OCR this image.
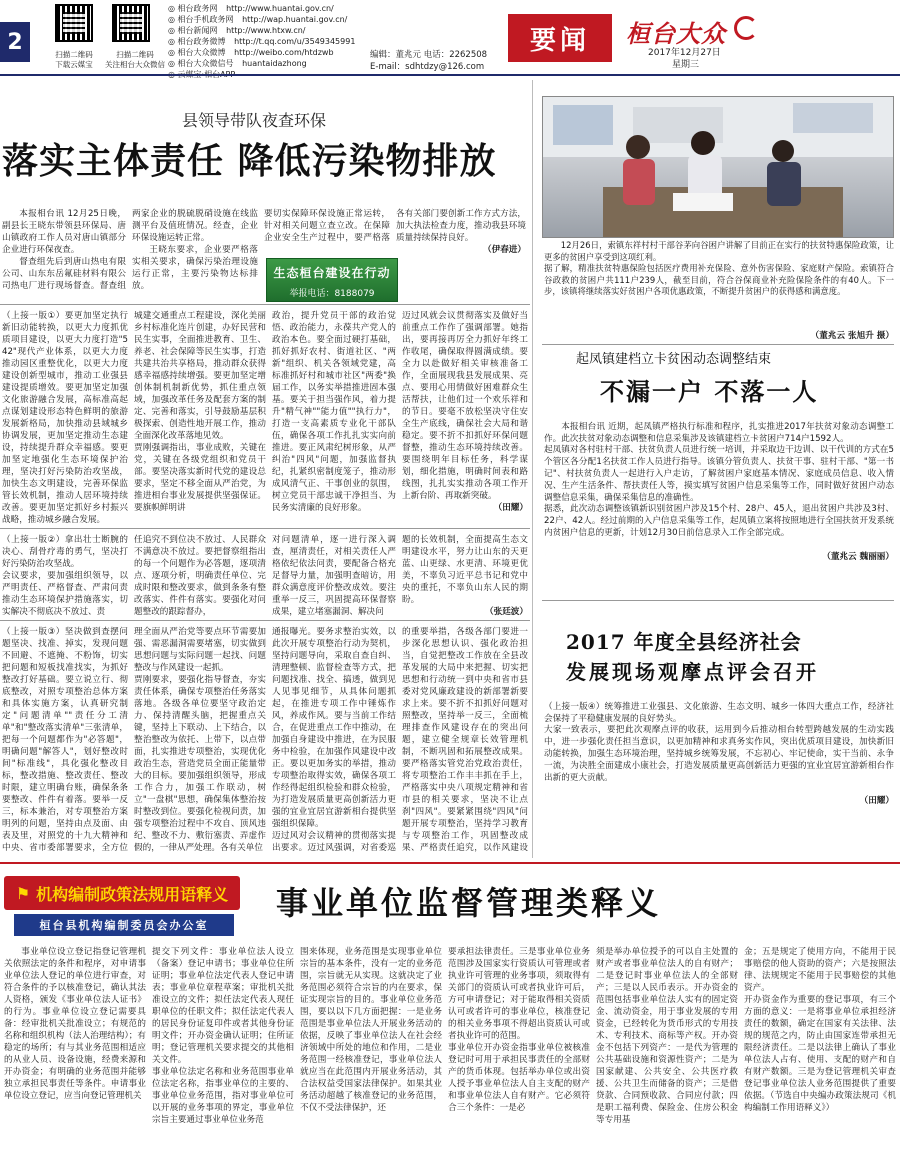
2	扫描二维码
下载云媒宝
扫描二维码
关注相台大众微信
◎ 相台政务网 http://www.huantai.gov.cn/
◎ 相台手机政务网 http://wap.huantai.gov.cn/
◎ 相台新闻网 http://www.htxw.cn/
◎ 相台政务微博 http://t.qq.com/u/3549345991
◎ 相台大众微博 http://weibo.com/htdzwb
◎ 相台大众微信号 huantaidazhong
编辑：董兆元 电话：2262508
E-mail：sdhtdzy@126.com
要闻	桓台大众
2017年12月27日
星期三
县领导带队夜查环保
落实主体责任 降低污染物排放

本报相台讯 12月25日晚，副县长王晓东带领县环保局、唐山镇政府工作人员对唐山镇部分企业进行环保夜查。

督查组先后到唐山热电有限公司、山东东岳氟硅材料有限公司热电厂进行现场督查。督查组

两家企业的脱硫脱硝设施在线监测平台及值班情况。经查，企业环保设施运转正常。

王晓东要求，企业要严格落实相关要求，确保污染治理设施运行正常，主要污染物达标排放。

要切实保障环保设施正常运转，针对相关问题立查立改。在保障企业安全生产过程中，要严格落

各有关部门要创新工作方式方法，加大执法检查力度，推动我县环境质量持续保持良好。

（伊春进）

生态桓台建设在行动
举报电话：8188079

（上接一版①）要更加坚定执行新旧动能转换，以更大力度抓优质项目建设，以更大力度打造"542"现代产业体系，以更大力度推动园区重整优化，以更大力度建设创新型城市，推动工业强县建设提质增效。要更加坚定加强文化旅游融合发展，高标准高起点谋划建设形态特色鲜明的旅游发展新格局，加快推动县域城乡协调发展，更加坚定推动生态建设，持续提升群众幸福感。要更加坚定地强化生态环境保护治理，坚决打好污染防治攻坚战，加快生态文明建设，完善环保监管长效机制，推动人居环境持续改善。要更加坚定抓好乡村振兴战略，推动城乡融合发展。

城建交通重点工程建设，深化美丽乡村标准化连片创建，办好民营和民生实事，全面推进教育、卫生、养老、社会保障等民生实事，打造共建共治共享格局，推动群众获得感幸福感持续增强。要更加坚定增创体制机制新优势，抓住重点领域，加强改革任务及配套方案的制定、完善和落实，引导鼓励基层积极探索、创造性地开展工作，推动全面深化改革落地见效。
贾刚强调指出，事业成败，关键在党，关键在各级党组织和党员干部。要坚决落实新时代党的建设总要求，坚定不移全面从严治党，为推进相台事业发展提供坚强保证。要旗帜鲜明讲

政治，提升党员干部的政治觉悟、政治能力，永葆共产党人的政治本色。要全面过硬打基础，抓好抓好农村、街道社区、"两新"组织、机关各领域党建，高标准抓好村和城市社区"两委"换届工作，以务实举措推进固本强基。要关于担当强作风，着力提升"精气神""能力值""执行力"，打造一支高素质专业化干部队伍，确保各项工作扎扎实实向前推进。要正风肃纪树形象，从严纠治"四风"问题，加强监督执纪，扎紧织密制度笼子，推动形成风清气正、干事创业的氛围，树立党员干部忠诚干净担当、为民务实清廉的良好形象。

迈过风就会议贯彻落实及做好当前重点工作作了强调部署。她指出，要再接再厉全力抓好年终工作收尾，确保取得圆满成绩。要全力以赴做好相关审核准备工作，全面展现我县发展成果、亮点、要用心用情做好困难群众生活帮扶，让他们过一个欢乐祥和的节日。要毫不放松坚决守住安全生产底线，确保社会大局和谐稳定。要不折不扣抓好环保问题督整，推动生态环境持续改善。要围绕明年目标任务，科学谋划，细化措施，明确时间表和路线图，扎扎实实推动各项工作开上新台阶、再取新突破。

（田耀）

（上接一版②）拿出壮士断腕的决心、刮骨疗毒的勇气，坚决打好污染防治攻坚战。
会议要求，要加强组织领导，以严明责任、严格督查、严肃问责推动生态环境保护措施落实，切实解决不彻底决不放过、责

任追究不到位决不放过、人民群众不满意决不放过。要把督察组指出的每一个问题作为必答题，逐项清点、逐项分析，明确责任单位、完成时限和整改要求，做到条条有整改落实、件件有落实。要强化对问题整改的跟踪督办，

对问题清单，逐一进行深入调查，厘清责任，对相关责任人严格依纪依法问责，要配备合格充足督导力量，加强明查暗访，用群众满意度评价整改成效。要注重举一反三，巩固提高环保督察成果，建立堵塞漏洞、解决问

题的长效机制，全面提高生态文明建设水平，努力让山东的天更蓝、山更绿、水更清、环境更优美，不辜负习近平总书记和党中央的重托，不辜负山东人民的期盼。

（张廷波）

（上接一版③）坚决做到查摆问题坚决、找准、掉实，发现问题不回避、不遮掩、不粉饰，切实把问题和短板找准找实，为抓好整改打好基础。要立说立行、彻底整改，对照专项整治总体方案和具体实施方案，认真研究制定"问题清单""责任分工清单"和"整改落实清单"三张清单，把每一个问题都作为"必答题"，明确问题"解答人"，划好整改时间"标准线"，具化强化整改目标，整改措施、整改责任、整改时限，建立明确台账，确保条条要整改、件件有着落。要举一反三，标本兼治，对专项整治方案明列的问题，坚持由点及面、由表及里，对照党的十九大精神和中央、省市委部署要求，全方位

理全面从严治党等要点环节需要加强、需恶漏洞需要堵塞，切实做到思想问题与实际问题一起找、问题整改与作风建设一起抓。
贾刚要求，要强化指导督查，夯实责任体系，确保专项整治任务落实落地。各级各单位要坚守政治定力、保持清醒头脑，把握重点关键，坚持上下联动、上下结合，以整治整改为依托、上带下，以点带面，扎实推进专项整治，实现优化政治生态，营造党员全面正能量带大的目标。要加强组织领导，形成工作合力，加强工作联动，树立"一盘棋"思想，确保集体整治按时整改到位。要强化检视问责，加强专项整治过程中不攻自、顶风违纪、整改不力、敷衍塞责、弄虚作假的，一律从严处理。各有关单位

通报曝光。要务求整治实效，以此次开展专项整治行动为契机，坚持问题导向，采取自查自纠、清理整顿、监督检查等方式，把问题找准、找全、搞透，做到见人见事见细节，从具体问题抓起，在推进专项工作中锤炼作风，养成作风。要与当前工作结合，在促进重点工作中推动，在加强自身建设中推进，在为民服务中检验，在加强作风建设中改正。要以更加务实的举措，推动专项整治取得实效，确保各项工作经得起组织检验和群众检验，为打造发展质量更高创新活力更强的宜业宜居宜游新相台提供坚强组织保障。
迈过风对会议精神的贯彻落实提出要求。迈过风强调，对省委巡

的重要举措，各级各部门要进一步深化思想认识、强化政治担当，自觉把整改工作放在全县改革发展的大局中来把握、切实把思想和行动统一到中央和省市县委对党风廉政建设的新部署新要求上来。要不折不扣抓好问题对照整改，坚持举一反三，全面梳理排查作风建设存在的突出问题，建立健全规章长效管理机制，不断巩固和拓展整改成果。要严格落实管党治党政治责任，将专项整治工作丰丰抓在手上，严格落实中央八项规定精神和省市县的相关要求，坚决不让点刹"四风"。要紧紧围绕"四风"问题开展专项整治，坚持学习教育与专项整治工作，巩固整改成果、严格责任追究，以作风建设

12月26日，索镇东祥村村干部谷茅向谷困户讲解了目前正在实行的扶贫特惠保险政策，让更多的贫困户享受到这项红利。
据了解，精准扶贫特惠保险包括医疗费用补充保险、意外伤害保险、家庭财产保险。索镇符合谷政救的贫困户共111户239人，截至目前，符合谷保商业补充险保险条件的有40人。下一步，该镇将继续落实好贫困户各项优惠政策，不断提升贫困户的获得感和满意度。

（董兆云 张旭升 摄）
起凤镇建档立卡贫困动态调整结束
不漏一户 不落一人

本报相台讯 近期，起凤镇严格执行标准和程序，扎实推进2017年扶贫对象动态调整工作。此次扶贫对象动态调整和信息采集涉及该镇建档立卡贫困户714户1592人。
起凤镇对各村驻村干部、扶贫负责人员进行统一培训，并采取边干边训、以干代训的方式在5个管区各分配1名扶贫工作人员进行指导。该镇分管负责人、扶贫干事、驻村干部、"第一书记"、村扶贫负责人一起进行入户走访，了解贫困户家庭基本情况、家庭成员信息、收入情况、生产生活条件、帮扶责任人等，摸实填写贫困户信息采集等工作，同时做好贫困户动态调整信息采集，确保采集信息的准确性。
据悉，此次动态调整该镇新识别贫困户涉及15个村、28户、45人，退出贫困户共涉及3村、22户、42人。经过前期的入户信息采集等工作，起凤镇立案将按照地进行全国扶贫开发系统内贫困户信息的更新，计划12月30日前信息录入工作全部完成。

（董兆云 魏丽丽）

2017 年度全县经济社会
发展现场观摩点评会召开

（上接一版④）统筹推进工业强县、文化旅游、生态文明、城乡一体四大重点工作，经济社会保持了平稳健康发展的良好势头。
大家一致表示，要把此次观摩点评的收获，运用到今后推动相台转型跨越发展的生动实践中，进一步强化责任担当意识，以更加精神和求真务实作风，突出优质项目建设，加快新旧动能转换，加强生态环境治理，坚持城乡统筹发展，不忘初心、牢记使命，实干当前、永争一流，为决胜全面建成小康社会，打造发展质量更高创新活力更强的宜业宜居宜游新相台作出新的更大贡献。

（田耀）

⚑ 机构编制政策法规用语释义
桓台县机构编制委员会办公室
事业单位监督管理类释义

事业单位设立登记指登记管理机关依照法定的条件和程序，对申请事业单位法人登记的单位进行审查，对符合条件的予以核准登记，确认其法人资格，颁发《事业单位法人证书》的行为。事业单位设立登记需要具备：经审批机关批准设立；有规范的名称和组织机构（法人治理结构）；有稳定的场所；有与其业务范围相适应的从业人员、设备设施，经费来源和开办资金；有明确的业务范围并能够独立承担民事责任等条件。申请事业单位设立登记，应当向登记管理机关

提交下列文件：事业单位法人设立（备案）登记申请书；事业单位住所证明；事业单位法定代表人登记申请表；事业单位章程草案；审批机关批准设立的文件；拟任法定代表人现任职单位的任职文件；拟任法定代表人的居民身份证复印件或者其他身份证明文件；开办资金确认证明；住所证明；登记管理机关要求提交的其他相关文件。
事业单位法定名称和业务范围事业单位法定名称，指事业单位的主要的、事业单位业务范围，指对事业单位可以开展的业务事项的界定，事业单位宗旨主要通过事业单位业务范

围来体现，业务范围是实现事业单位宗旨的基本条件，没有一定的业务范围，宗旨就无从实现。这就决定了业务范围必须符合宗旨的内在要求，保证实现宗旨的目的。事业单位业务范围，要以以下几方面把握：一是业务范围是事业单位法人开展业务活动的依据，反映了事业单位法人在社会经济领域中所处的地位和作用，二是业务范围一经核准登记，事业单位法人就应当在此范围内开展业务活动，其合法权益受国家法律保护。如果其业务活动超越了核准登记的业务范围，不仅不受法律保护，还

要承担法律责任。三是事业单位业务范围涉及国家实行资质认可管理或者执业许可管理的业务事项，须取得有关部门的资质认可或者执业许可后，方可申请登记；对于能取得相关资质认可或者许可的事业单位，核准登记的相关业务事项不得超出资质认可或者执业许可的范围。
事业单位开办资金指事业单位被核准登记时可用于承担民事责任的全部财产的货币体现。包括举办单位或出资人授予事业单位法人自主支配的财产和事业单位法人自有财产。它必须符合三个条件：一是必

须是举办单位授予的可以自主处置的财产或者事业单位法人的自有财产；二是登记时事业单位法人的全部财产；三是以人民币表示。开办资金的范围包括事业单位法人实有的固定资金、流动资金，用于事业发展的专用资金，已经转化为货币形式的专用技术、专利技术、商标等产权。开办资金不包括下列资产：一是代为管理的公共基础设施和资源性资产；二是为国家献建、公共安全、公共医疗救援、公共卫生而储备的资产；三是借贷款、合同预收款、合同应付款；四是职工福利费、保险金、住房公积金等专用基

金；五是规定了使用方向，不能用于民事赔偿的他人资助的资产；六是按照法律、法规规定不能用于民事赔偿的其他资产。
开办资金作为重要的登记事项，有三个方面的意义：一是将事业单位承担经济责任的数额，确定在国家有关法律、法规的规范之内，防止由国家连带承担无限经济责任。二是以法律上确认了事业单位法人占有、使用、支配的财产和自有财产数额。三是为登记管理机关审查登记事业单位法人业务范围提供了重要依据。（节选自中央编办政策法规司《机构编制工作用语释义》）
